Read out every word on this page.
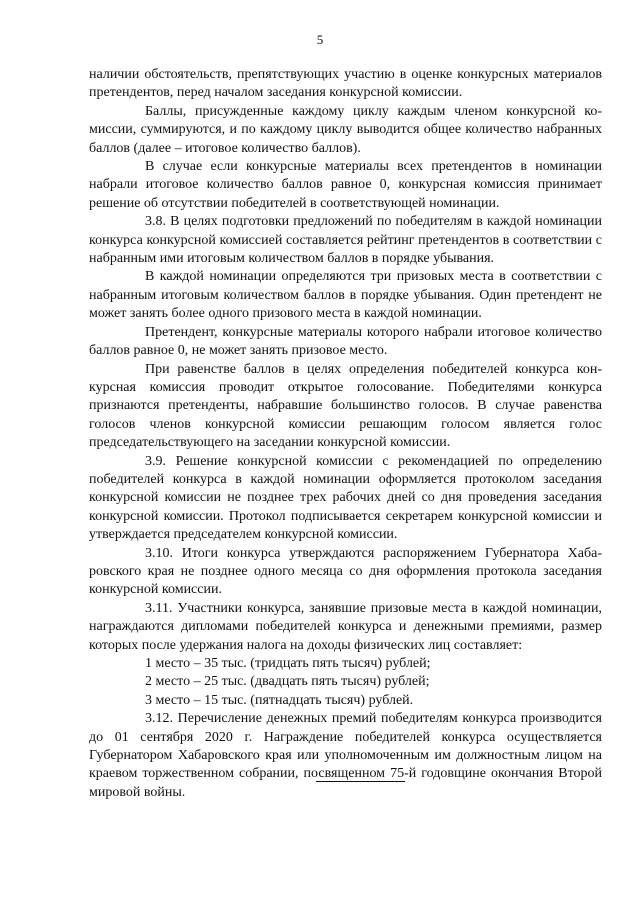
5

наличии обстоятельств, препятствующих участию в оценке конкурсных материалов претендентов, перед началом заседания конкурсной комиссии.

Баллы, присужденные каждому циклу каждым членом конкурсной комиссии, суммируются, и по каждому циклу выводится общее количество набранных баллов (далее – итоговое количество баллов).

В случае если конкурсные материалы всех претендентов в номинации набрали итоговое количество баллов равное 0, конкурсная комиссия принимает решение об отсутствии победителей в соответствующей номинации.

3.8. В целях подготовки предложений по победителям в каждой номинации конкурса конкурсной комиссией составляется рейтинг претендентов в соответствии с набранным ими итоговым количеством баллов в порядке убывания.

В каждой номинации определяются три призовых места в соответствии с набранным итоговым количеством баллов в порядке убывания. Один претендент не может занять более одного призового места в каждой номинации.

Претендент, конкурсные материалы которого набрали итоговое количество баллов равное 0, не может занять призовое место.

При равенстве баллов в целях определения победителей конкурса конкурсная комиссия проводит открытое голосование. Победителями конкурса признаются претенденты, набравшие большинство голосов. В случае равенства голосов членов конкурсной комиссии решающим голосом является голос председательствующего на заседании конкурсной комиссии.

3.9. Решение конкурсной комиссии с рекомендацией по определению победителей конкурса в каждой номинации оформляется протоколом заседания конкурсной комиссии не позднее трех рабочих дней со дня проведения заседания конкурсной комиссии. Протокол подписывается секретарем конкурсной комиссии и утверждается председателем конкурсной комиссии.

3.10. Итоги конкурса утверждаются распоряжением Губернатора Хабаровского края не позднее одного месяца со дня оформления протокола заседания конкурсной комиссии.

3.11. Участники конкурса, занявшие призовые места в каждой номинации, награждаются дипломами победителей конкурса и денежными премиями, размер которых после удержания налога на доходы физических лиц составляет:

1 место – 35 тыс. (тридцать пять тысяч) рублей;

2 место – 25 тыс. (двадцать пять тысяч) рублей;

3 место – 15 тыс. (пятнадцать тысяч) рублей.

3.12. Перечисление денежных премий победителям конкурса производится до 01 сентября 2020 г. Награждение победителей конкурса осуществляется Губернатором Хабаровского края или уполномоченным им должностным лицом на краевом торжественном собрании, посвященном 75-й годовщине окончания Второй мировой войны.
